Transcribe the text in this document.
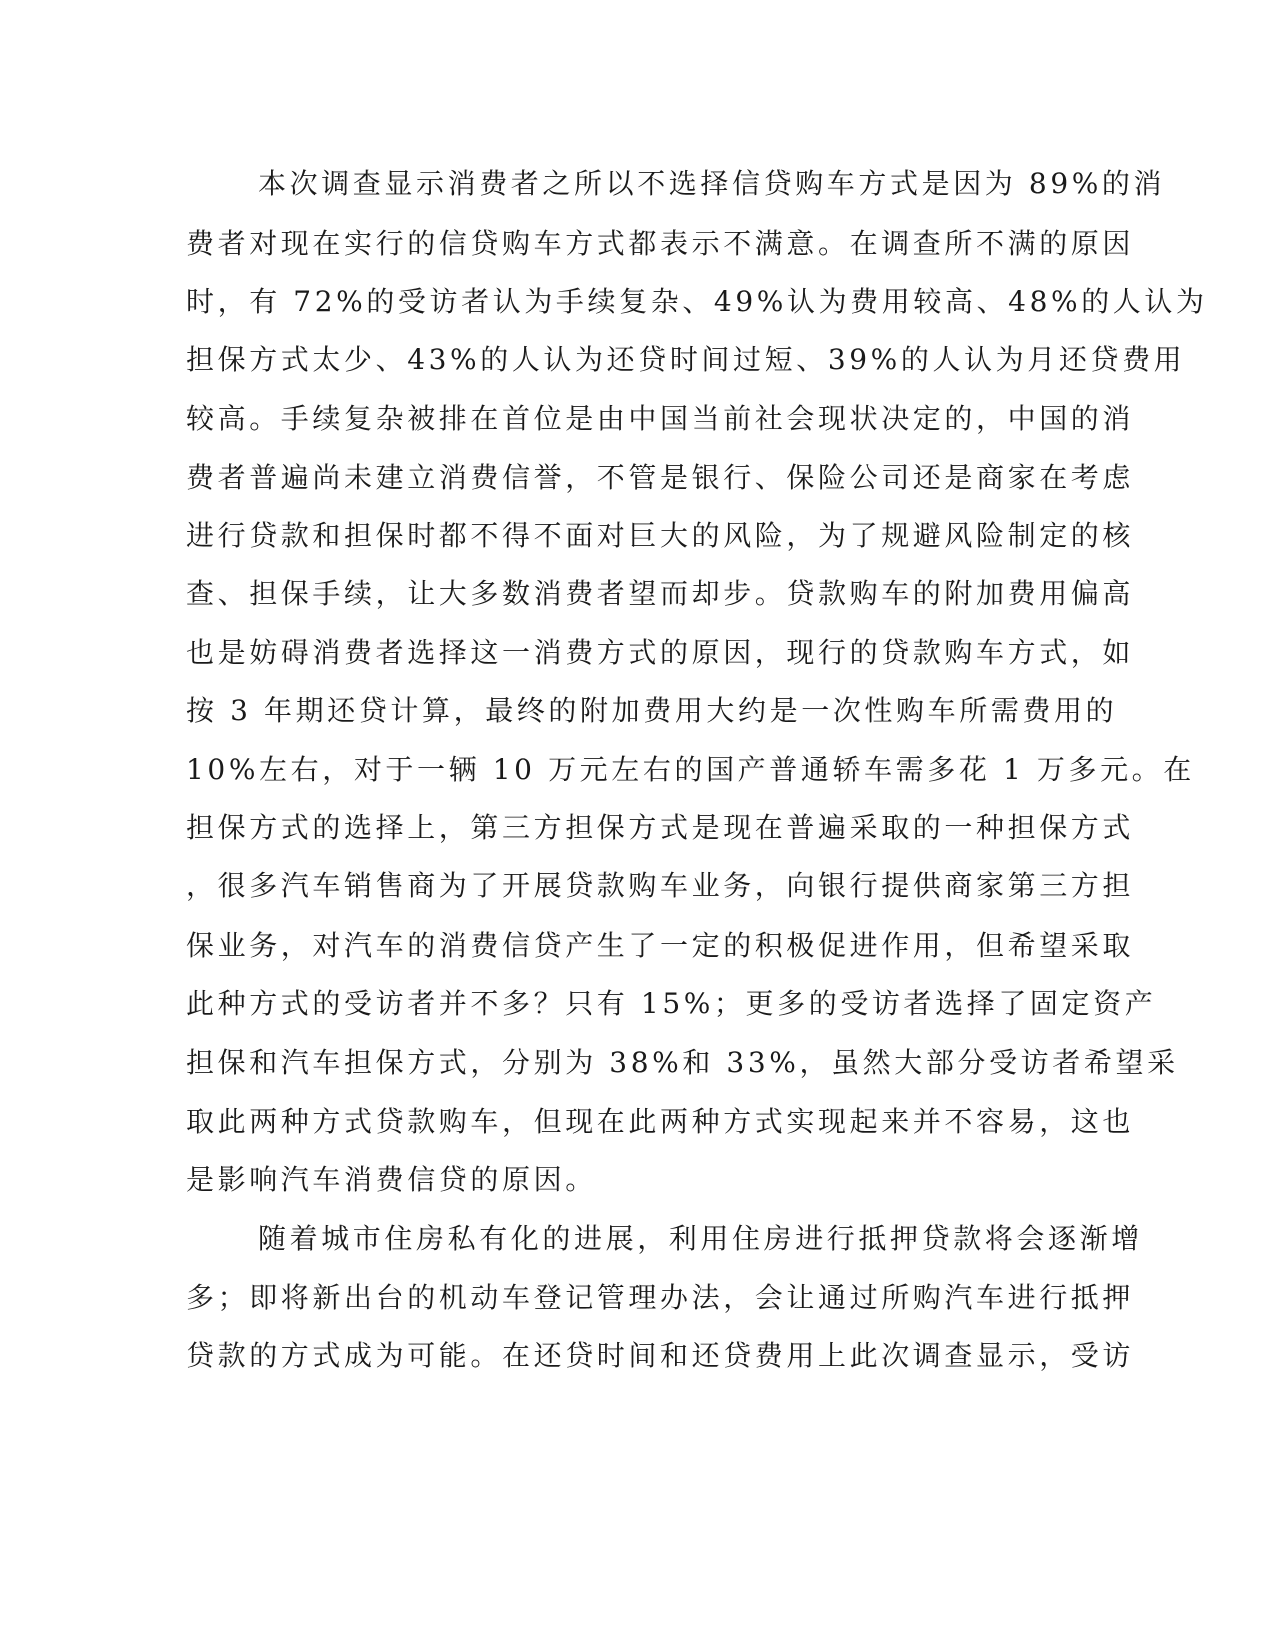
本次调查显示消费者之所以不选择信贷购车方式是因为 89%的消
费者对现在实行的信贷购车方式都表示不满意。在调查所不满的原因
时，有 72%的受访者认为手续复杂、49%认为费用较高、48%的人认为
担保方式太少、43%的人认为还贷时间过短、39%的人认为月还贷费用
较高。手续复杂被排在首位是由中国当前社会现状决定的，中国的消
费者普遍尚未建立消费信誉，不管是银行、保险公司还是商家在考虑
进行贷款和担保时都不得不面对巨大的风险，为了规避风险制定的核
查、担保手续，让大多数消费者望而却步。贷款购车的附加费用偏高
也是妨碍消费者选择这一消费方式的原因，现行的贷款购车方式，如
按 3 年期还贷计算，最终的附加费用大约是一次性购车所需费用的
10%左右，对于一辆 10 万元左右的国产普通轿车需多花 1 万多元。在
担保方式的选择上，第三方担保方式是现在普遍采取的一种担保方式
，很多汽车销售商为了开展贷款购车业务，向银行提供商家第三方担
保业务，对汽车的消费信贷产生了一定的积极促进作用，但希望采取
此种方式的受访者并不多？只有 15%；更多的受访者选择了固定资产
担保和汽车担保方式，分别为 38%和 33%，虽然大部分受访者希望采
取此两种方式贷款购车，但现在此两种方式实现起来并不容易，这也
是影响汽车消费信贷的原因。
随着城市住房私有化的进展，利用住房进行抵押贷款将会逐渐增
多；即将新出台的机动车登记管理办法，会让通过所购汽车进行抵押
贷款的方式成为可能。在还贷时间和还贷费用上此次调查显示，受访
